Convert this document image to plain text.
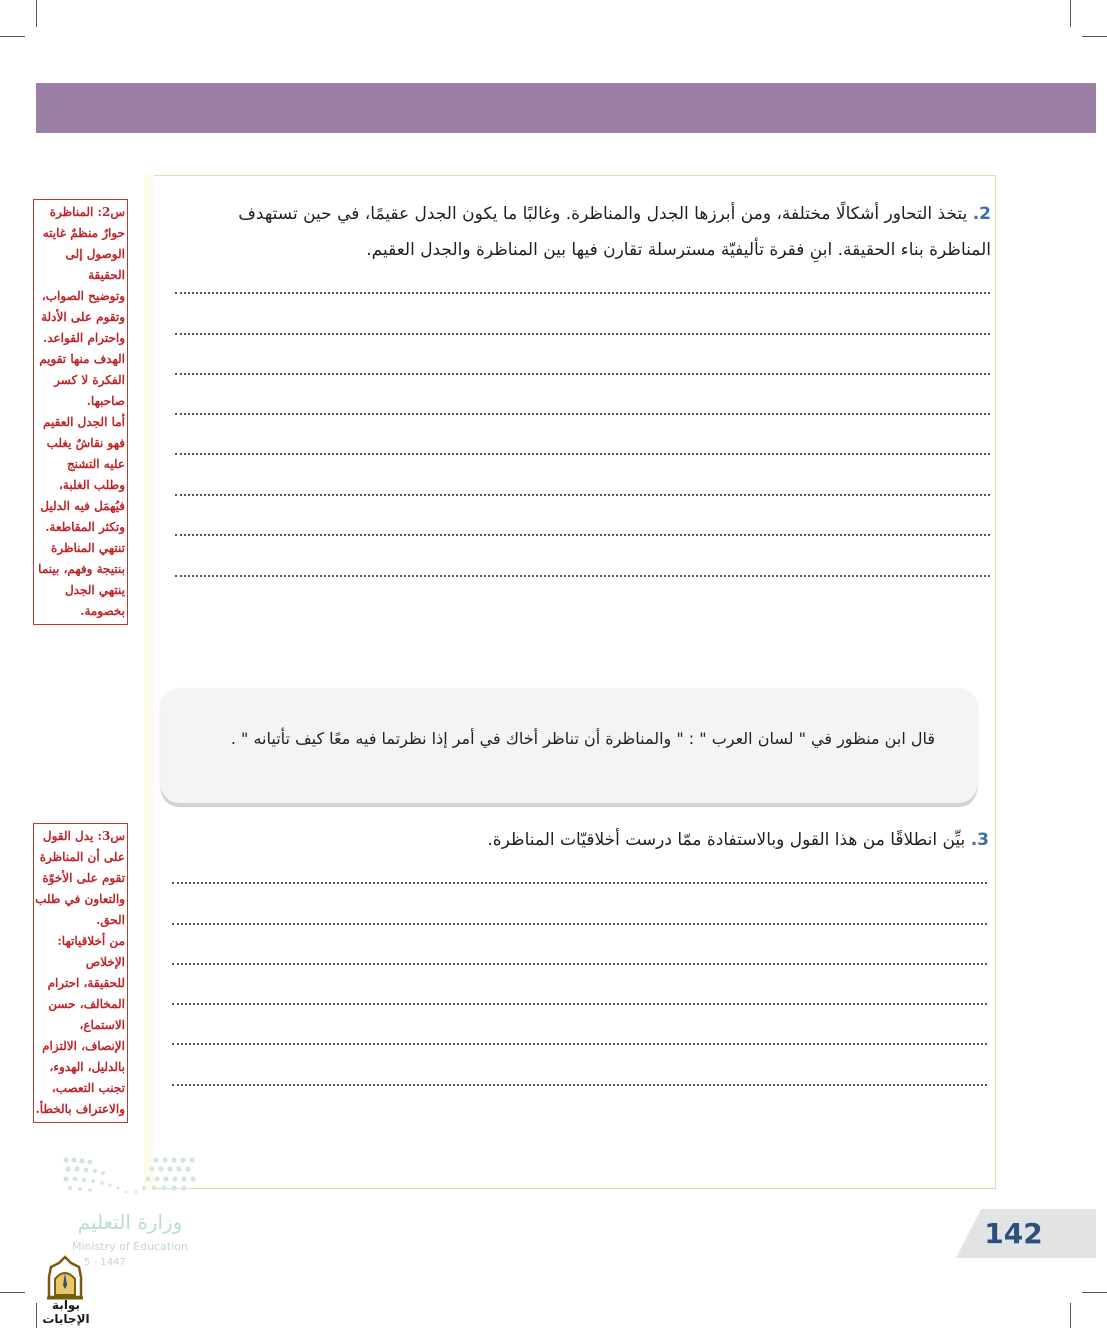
2. يتخذ التحاور أشكالًا مختلفة، ومن أبرزها الجدل والمناظرة. وغالبًا ما يكون الجدل عقيمًا، في حين تستهدف
المناظرة بناء الحقيقة. ابنِ فقرة تأليفيّة مسترسلة تقارن فيها بين المناظرة والجدل العقيم.
قال ابن منظور في " لسان العرب " : " والمناظرة أن تناظر أخاك في أمر إذا نظرتما فيه معًا كيف تأتيانه " .
3. بيِّن انطلاقًا من هذا القول وبالاستفادة ممّا درست أخلاقيّات المناظرة.
س2: المناظرة
حوارٌ منظمٌ غايته
الوصول إلى الحقيقة
وتوضيح الصواب،
وتقوم على الأدلة
واحترام القواعد.
الهدف منها تقويم
الفكرة لا كسر
صاحبها.
أما الجدل العقيم
فهو نقاشٌ يغلب
عليه التشنج
وطلب الغلبة،
فيُهمَل فيه الدليل
وتكثر المقاطعة.
تنتهي المناظرة
بنتيجة وفهم، بينما
ينتهي الجدل
بخصومة.
س3: يدل القول
على أن المناظرة
تقوم على الأخوّة
والتعاون في طلب
الحق.
من أخلاقياتها:
الإخلاص
للحقيقة، احترام
المخالف، حسن
الاستماع،
الإنصاف، الالتزام
بالدليل، الهدوء،
تجنب التعصب،
والاعتراف بالخطأ.
وزارة التعليم
Ministry of Education
5 - 1447
142
بوابة الإجابات
